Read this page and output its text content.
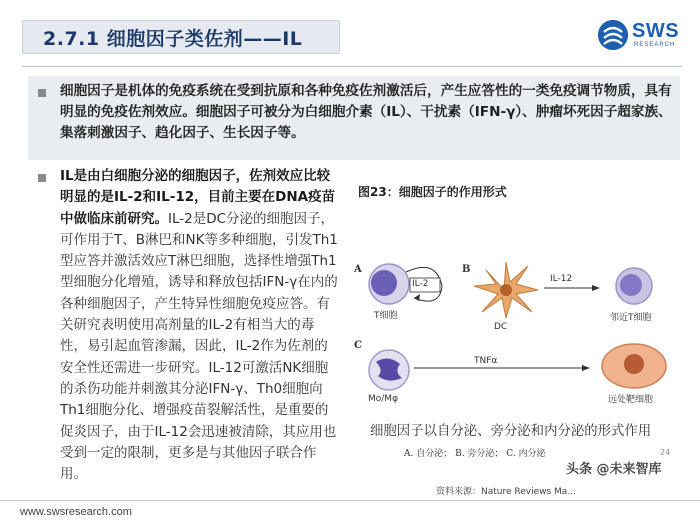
2.7.1 细胞因子类佐剂——IL	SWS
RESEARCH
细胞因子是机体的免疫系统在受到抗原和各种免疫佐剂激活后，产生应答性的一类免疫调节物质，具有明显的免疫佐剂效应。细胞因子可被分为白细胞介素（IL）、干扰素（IFN-γ）、肿瘤坏死因子超家族、集落刺激因子、趋化因子、生长因子等。
IL是由白细胞分泌的细胞因子，佐剂效应比较明显的是IL-2和IL-12，目前主要在DNA疫苗中做临床前研究。IL-2是DC分泌的细胞因子，可作用于T、B淋巴和NK等多种细胞，引发Th1型应答并激活效应T淋巴细胞，选择性增强Th1型细胞分化增殖，诱导和释放包括IFN-γ在内的各种细胞因子，产生特异性细胞免疫应答。有关研究表明使用高剂量的IL-2有相当大的毒性，易引起血管渗漏，因此，IL-2作为佐剂的安全性还需进一步研究。IL-12可激活NK细胞的杀伤功能并刺激其分泌IFN-γ、Th0细胞向Th1细胞分化、增强疫苗裂解活性，是重要的促炎因子，由于IL-12会迅速被清除，其应用也受到一定的限制，更多是与其他因子联合作用。
图23：细胞因子的作用形式
A	B
C
IL-2	IL-12
TNFα
T细胞
DC
邻近T细胞
Mo/Mφ	远处靶细胞
细胞因子以自分泌、旁分泌和内分泌的形式作用
A. 自分泌； B. 旁分泌； C. 内分泌
资料来源：Nature Reviews Ma...
24
头条 @未来智库
www.swsresearch.com
